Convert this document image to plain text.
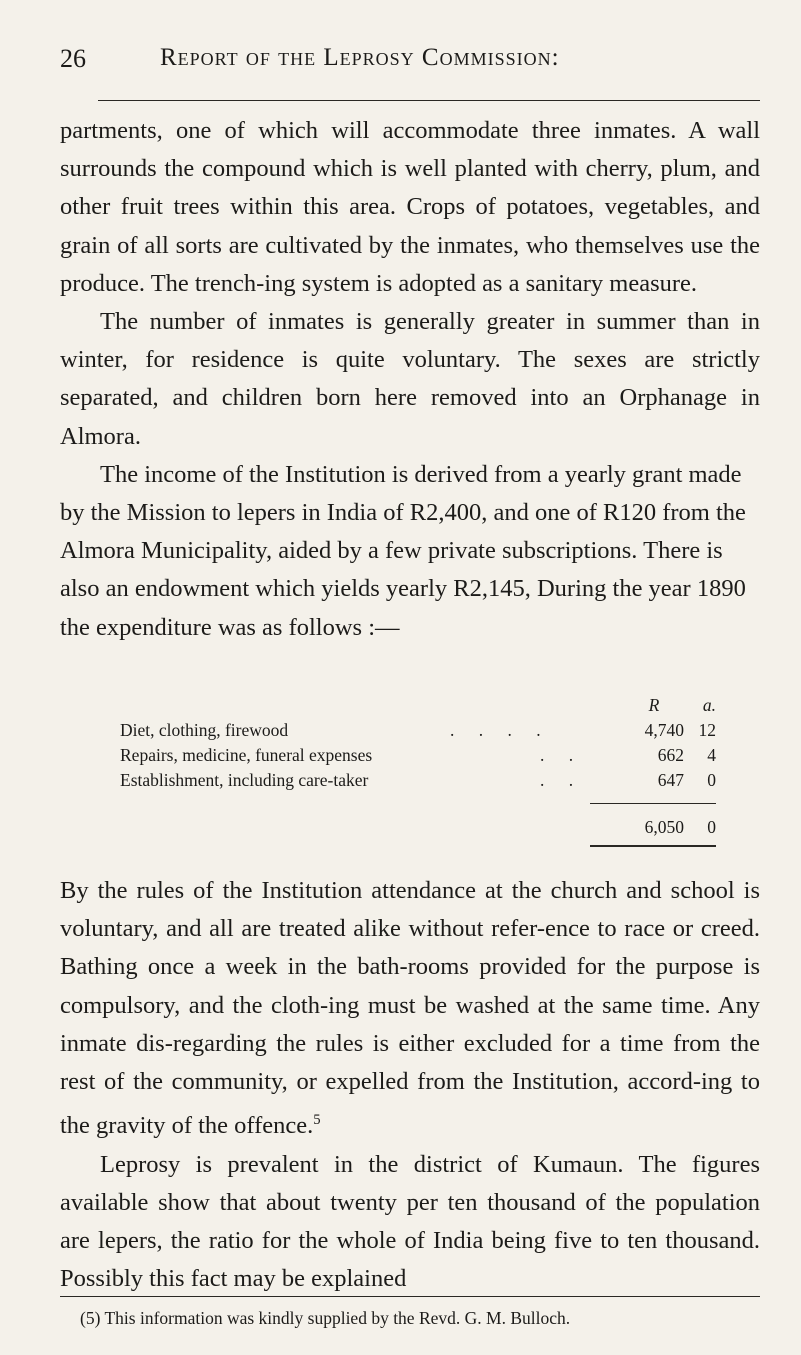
26	Report of the Leprosy Commission:

partments, one of which will accommodate three inmates. A wall surrounds the compound which is well planted with cherry, plum, and other fruit trees within this area. Crops of potatoes, vegetables, and grain of all sorts are cultivated by the inmates, who themselves use the produce. The trench-ing system is adopted as a sanitary measure.

The number of inmates is generally greater in summer than in winter, for residence is quite voluntary. The sexes are strictly separated, and children born here removed into an Orphanage in Almora.

The income of the Institution is derived from a yearly grant made by the Mission to lepers in India of R2,400, and one of R120 from the Almora Municipality, aided by a few private subscriptions. There is also an endowment which yields yearly R2,145, During the year 1890 the expenditure was as follows :—

R	a.
Diet, clothing, firewood	. . . .	4,740 12
Repairs, medicine, funeral expenses	. .	662	4
Establishment, including care-taker	. .	647	0
6,050	0

By the rules of the Institution attendance at the church and school is voluntary, and all are treated alike without refer-ence to race or creed. Bathing once a week in the bath-rooms provided for the purpose is compulsory, and the cloth-ing must be washed at the same time. Any inmate dis-regarding the rules is either excluded for a time from the rest of the community, or expelled from the Institution, accord-ing to the gravity of the offence.$^5$

Leprosy is prevalent in the district of Kumaun. The figures available show that about twenty per ten thousand of the population are lepers, the ratio for the whole of India being five to ten thousand. Possibly this fact may be explained

(5) This information was kindly supplied by the Revd. G. M. Bulloch.
